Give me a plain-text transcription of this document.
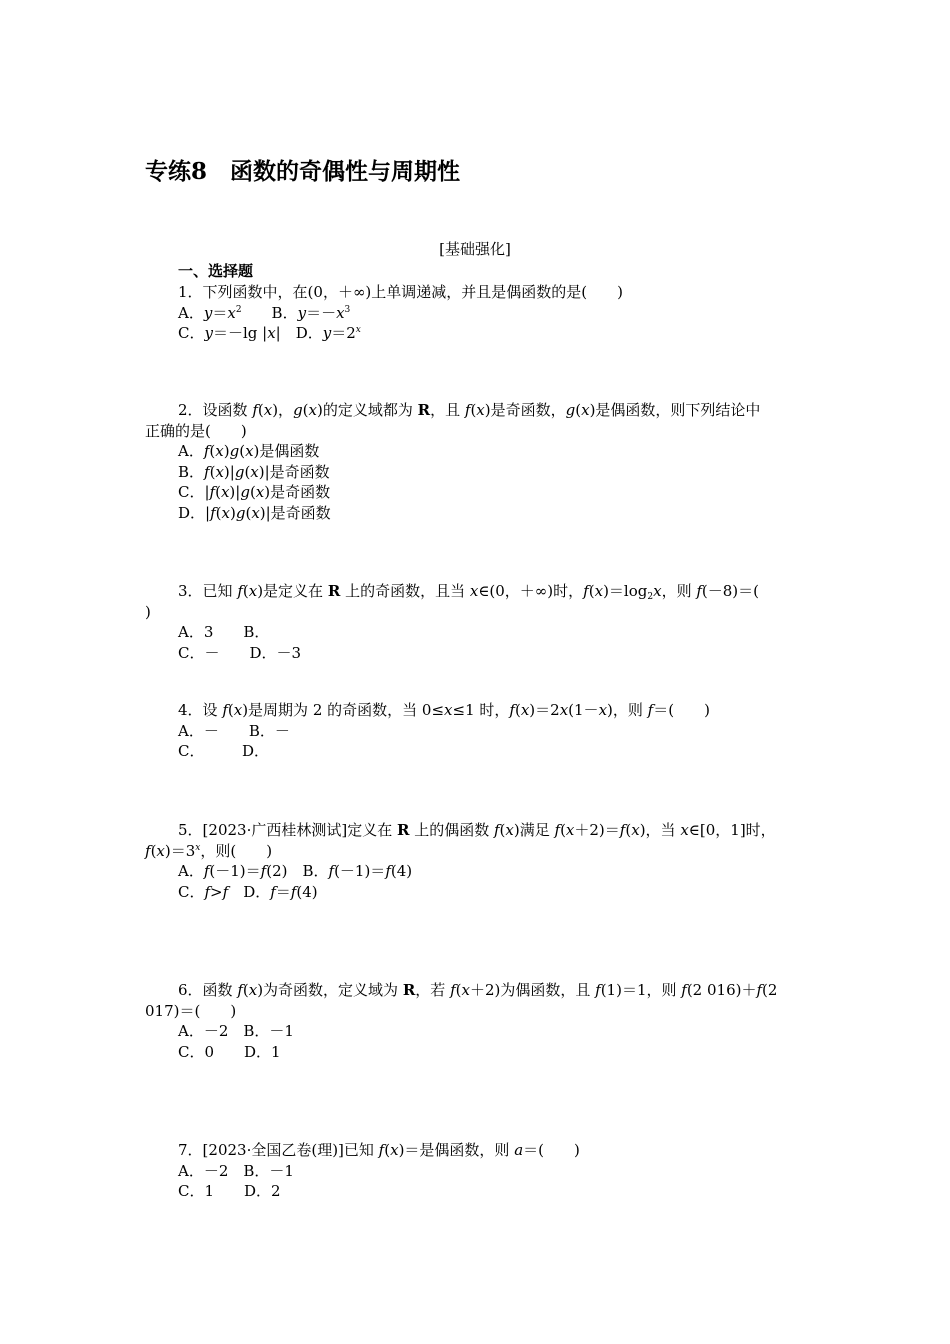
专练8　函数的奇偶性与周期性
[基础强化]
一、选择题
1．下列函数中，在(0，＋∞)上单调递减，并且是偶函数的是(　　)
A．$y=x^2$　　B．$y=-x^3$
C．y＝－lg |x|　D．$y=2^x$
2．设函数 f(x)，g(x)的定义域都为 R，且 f(x)是奇函数，g(x)是偶函数，则下列结论中
正确的是(　　)
A．f(x)g(x)是偶函数
B．f(x)|g(x)|是奇函数
C．|f(x)|g(x)是奇函数
D．|f(x)g(x)|是奇函数
3．已知 f(x)是定义在 R 上的奇函数，且当 x∈(0，＋∞)时，$f(x)=\log_2x$，则 f(－8)＝(
)
A．3　　B．
C．－　　D．－3
4．设 f(x)是周期为 2 的奇函数，当 0≤x≤1 时，f(x)＝2x(1－x)，则 f＝(　　)
A．－　　B．－
C．　　　D．
5．[2023·广西桂林测试]定义在 R 上的偶函数 f(x)满足 f(x＋2)＝f(x)，当 x∈[0，1]时，
$f(x)=3^x$，则(　　)
A．f(－1)＝f(2)　B．f(－1)＝f(4)
C．f>f　D．f＝f(4)
6．函数 f(x)为奇函数，定义域为 R，若 f(x＋2)为偶函数，且 f(1)＝1，则 f(2 016)＋f(2
017)＝(　　)
A．－2　B．－1
C．0　　D．1
7．[2023·全国乙卷(理)]已知 f(x)＝是偶函数，则 a＝(　　)
A．－2　B．－1
C．1　　D．2
